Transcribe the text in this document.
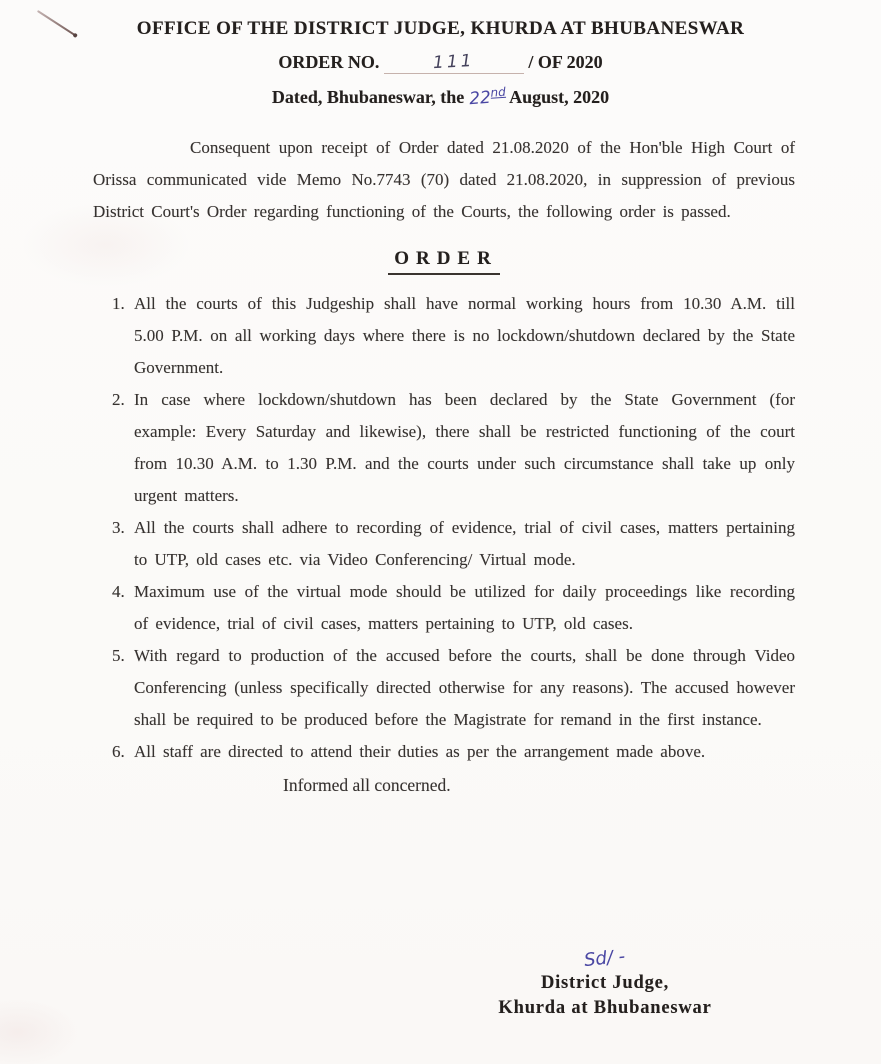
OFFICE OF THE DISTRICT JUDGE, KHURDA AT BHUBANESWAR
ORDER NO.	111	/ OF 2020
Dated, Bhubaneswar, the 22nd August, 2020

Consequent upon receipt of Order dated 21.08.2020 of the Hon'ble High Court of Orissa communicated vide Memo No.7743 (70) dated 21.08.2020, in suppression of previous District Court's Order regarding functioning of the Courts, the following order is passed.

ORDER
1. All the courts of this Judgeship shall have normal working hours from 10.30 A.M. till 5.00 P.M. on all working days where there is no lockdown/shutdown declared by the State Government.
2. In case where lockdown/shutdown has been declared by the State Government (for example: Every Saturday and likewise), there shall be restricted functioning of the court from 10.30 A.M. to 1.30 P.M. and the courts under such circumstance shall take up only urgent matters.
3. All the courts shall adhere to recording of evidence, trial of civil cases, matters pertaining to UTP, old cases etc. via Video Conferencing/ Virtual mode.
4. Maximum use of the virtual mode should be utilized for daily proceedings like recording of evidence, trial of civil cases, matters pertaining to UTP, old cases.
5. With regard to production of the accused before the courts, shall be done through Video Conferencing (unless specifically directed otherwise for any reasons). The accused however shall be required to be produced before the Magistrate for remand in the first instance.
6. All staff are directed to attend their duties as per the arrangement made above.

Informed all concerned.

Sd/ -
District Judge,
Khurda at Bhubaneswar
